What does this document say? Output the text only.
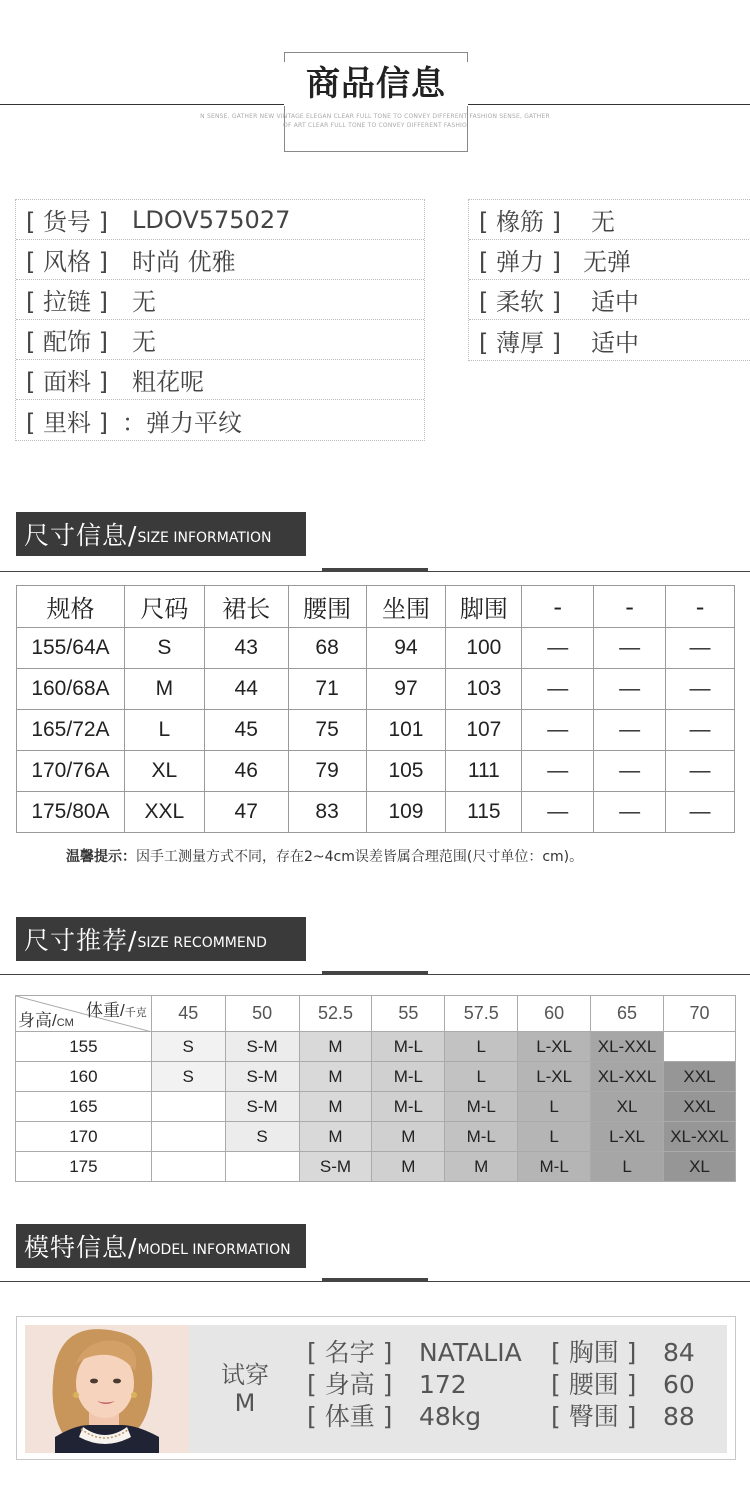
商品信息
N SENSE, GATHER NEW VINTAGE ELEGAN CLEAR FULL TONE TO CONVEY DIFFERENT FASHION SENSE, GATHER
OF ART CLEAR FULL TONE TO CONVEY DIFFERENT FASHIO
[ 货号 ]	LDOV575027
[ 风格 ]	时尚 优雅
[ 拉链 ]	无
[ 配饰 ]	无
[ 面料 ]	粗花呢
[ 里料 ] ：弹力平纹
[ 橡筋 ]	无
[ 弹力 ] 无弹
[ 柔软 ]	适中
[ 薄厚 ]	适中
尺寸信息/ SIZE INFORMATION
规格	尺码	裙长	腰围	坐围	脚围	-	-	-
155/64A	S	43	68	94	100	—	—	—
160/68A	M	44	71	97	103	—	—	—
165/72A	L	45	75	101	107	—	—	—
170/76A	XL	46	79	105	111	—	—	—
175/80A	XXL	47	83	109	115	—	—	—
温馨提示：因手工测量方式不同，存在2~4cm误差皆属合理范围(尺寸单位：cm)。
尺寸推荐/ SIZE RECOMMEND
体重/千克
身高/CM	45	50	52.5	55	57.5	60	65	70
155	S	S-M	M	M-L	L	L-XL	XL-XXL	
160	S	S-M	M	M-L	L	L-XL	XL-XXL	XXL
165		S-M	M	M-L	M-L	L	XL	XXL
170		S	M	M	M-L	L	L-XL	XL-XXL
175			S-M	M	M	M-L	L	XL
模特信息/ MODEL INFORMATION
试穿
M
[ 名字 ] NATALIA
[ 身高 ] 172
[ 体重 ] 48kg
[ 胸围 ] 84
[ 腰围 ] 60
[ 臀围 ] 88
